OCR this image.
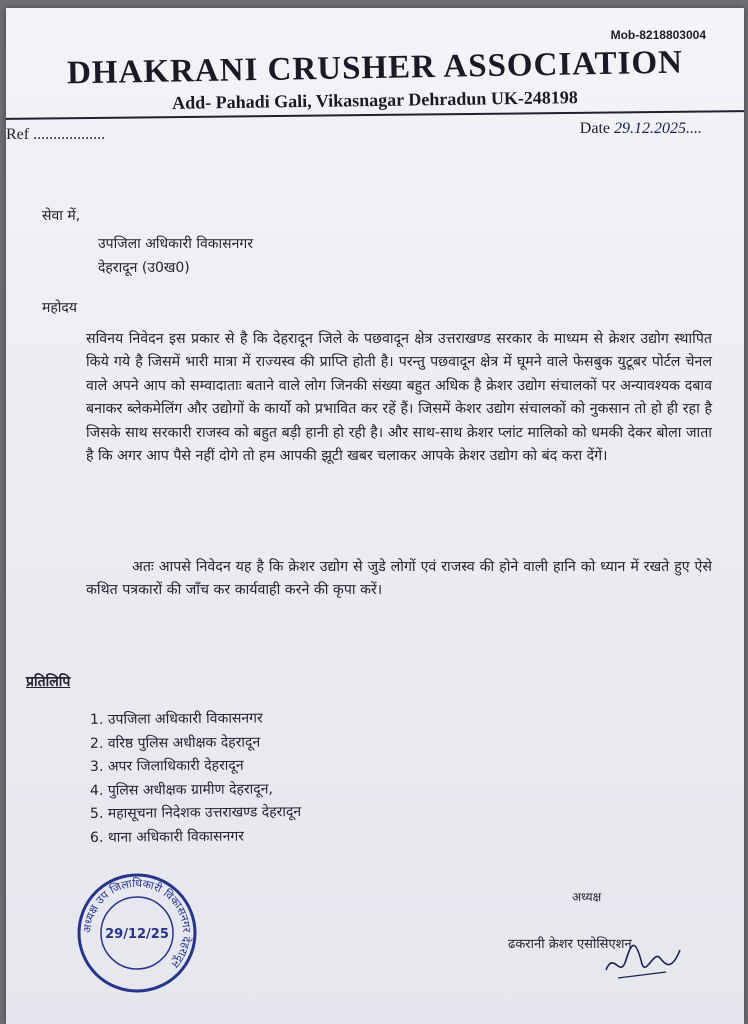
Mob-8218803004
DHAKRANI CRUSHER ASSOCIATION
Add- Pahadi Gali, Vikasnagar Dehradun UK-248198
Ref ..................	Date 29.12.2025....
सेवा में,
उपजिला अधिकारी विकासनगर
देहरादून (उ0ख0)
महोदय

सविनय निवेदन इस प्रकार से है कि देहरादून जिले के पछवादून क्षेत्र उत्तराखण्ड सरकार के माध्यम से क्रेशर उद्योग स्थापित किये गये है जिसमें भारी मात्रा में राज्यस्व की प्राप्ति होती है। परन्तु पछवादून क्षेत्र में घूमने वाले फेसबुक युटूबर पोर्टल चेनल वाले अपने आप को सम्वादाताः बताने वाले लोग जिनकी संख्या बहुत अधिक है क्रेशर उद्योग संचालकों पर अन्यावश्यक दबाव बनाकर ब्लेकमेलिंग और उद्योगों के कार्यो को प्रभावित कर रहें हैं। जिसमें केशर उद्योग संचालकों को नुकसान तो हो ही रहा है जिसके साथ सरकारी राजस्व को बहुत बड़ी हानी हो रही है। और साथ-साथ क्रेशर प्लांट मालिको को धमकी देकर बोला जाता है कि अगर आप पैसे नहीं दोगे तो हम आपकी झूटी खबर चलाकर आपके क्रेशर उद्योग को बंद करा देंगें।

अतः आपसे निवेदन यह है कि क्रेशर उद्योग से जुडे लोगों एवं राजस्व की होने वाली हानि को ध्यान में रखते हुए ऐसे कथित पत्रकारों की जाँच कर कार्यवाही करने की कृपा करें।

प्रतिलिपि
1. उपजिला अधिकारी विकासनगर
2. वरिष्ठ पुलिस अधीक्षक देहरादून
3. अपर जिलाधिकारी देहरादून
4. पुलिस अधीक्षक ग्रामीण देहरादून,
5. महासूचना निदेशक उत्तराखण्ड देहरादून
6. थाना अधिकारी विकासनगर
अध्यक्ष
ढकरानी क्रेशर एसोसिएशन
अध्यक्ष उप जिलाधिकारी विकासनगर देहरादून
29/12/25
